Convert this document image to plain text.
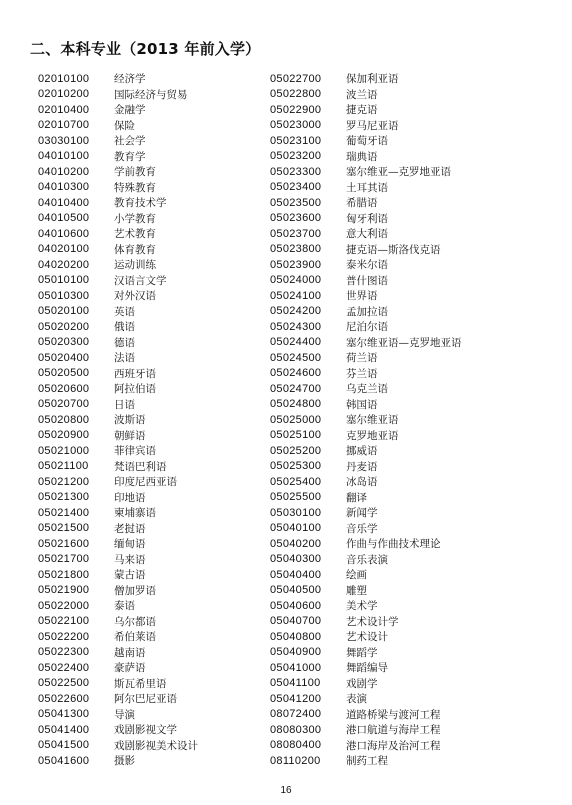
二、本科专业（2013 年前入学）
02010100	经济学
02010200	国际经济与贸易
02010400	金融学
02010700	保险
03030100	社会学
04010100	教育学
04010200	学前教育
04010300	特殊教育
04010400	教育技术学
04010500	小学教育
04010600	艺术教育
04020100	体育教育
04020200	运动训练
05010100	汉语言文学
05010300	对外汉语
05020100	英语
05020200	俄语
05020300	德语
05020400	法语
05020500	西班牙语
05020600	阿拉伯语
05020700	日语
05020800	波斯语
05020900	朝鲜语
05021000	菲律宾语
05021100	梵语巴利语
05021200	印度尼西亚语
05021300	印地语
05021400	柬埔寨语
05021500	老挝语
05021600	缅甸语
05021700	马来语
05021800	蒙古语
05021900	僧加罗语
05022000	泰语
05022100	乌尔都语
05022200	希伯莱语
05022300	越南语
05022400	豪萨语
05022500	斯瓦希里语
05022600	阿尔巴尼亚语
05041300	导演
05041400	戏剧影视文学
05041500	戏剧影视美术设计
05041600	摄影
05022700	保加利亚语
05022800	波兰语
05022900	捷克语
05023000	罗马尼亚语
05023100	葡萄牙语
05023200	瑞典语
05023300	塞尔维亚—克罗地亚语
05023400	土耳其语
05023500	希腊语
05023600	匈牙利语
05023700	意大利语
05023800	捷克语—斯洛伐克语
05023900	泰米尔语
05024000	普什图语
05024100	世界语
05024200	孟加拉语
05024300	尼泊尔语
05024400	塞尔维亚语—克罗地亚语
05024500	荷兰语
05024600	芬兰语
05024700	乌克兰语
05024800	韩国语
05025000	塞尔维亚语
05025100	克罗地亚语
05025200	挪威语
05025300	丹麦语
05025400	冰岛语
05025500	翻译
05030100	新闻学
05040100	音乐学
05040200	作曲与作曲技术理论
05040300	音乐表演
05040400	绘画
05040500	雕塑
05040600	美术学
05040700	艺术设计学
05040800	艺术设计
05040900	舞蹈学
05041000	舞蹈编导
05041100	戏剧学
05041200	表演
08072400	道路桥梁与渡河工程
08080300	港口航道与海岸工程
08080400	港口海岸及治河工程
08110200	制药工程
16
